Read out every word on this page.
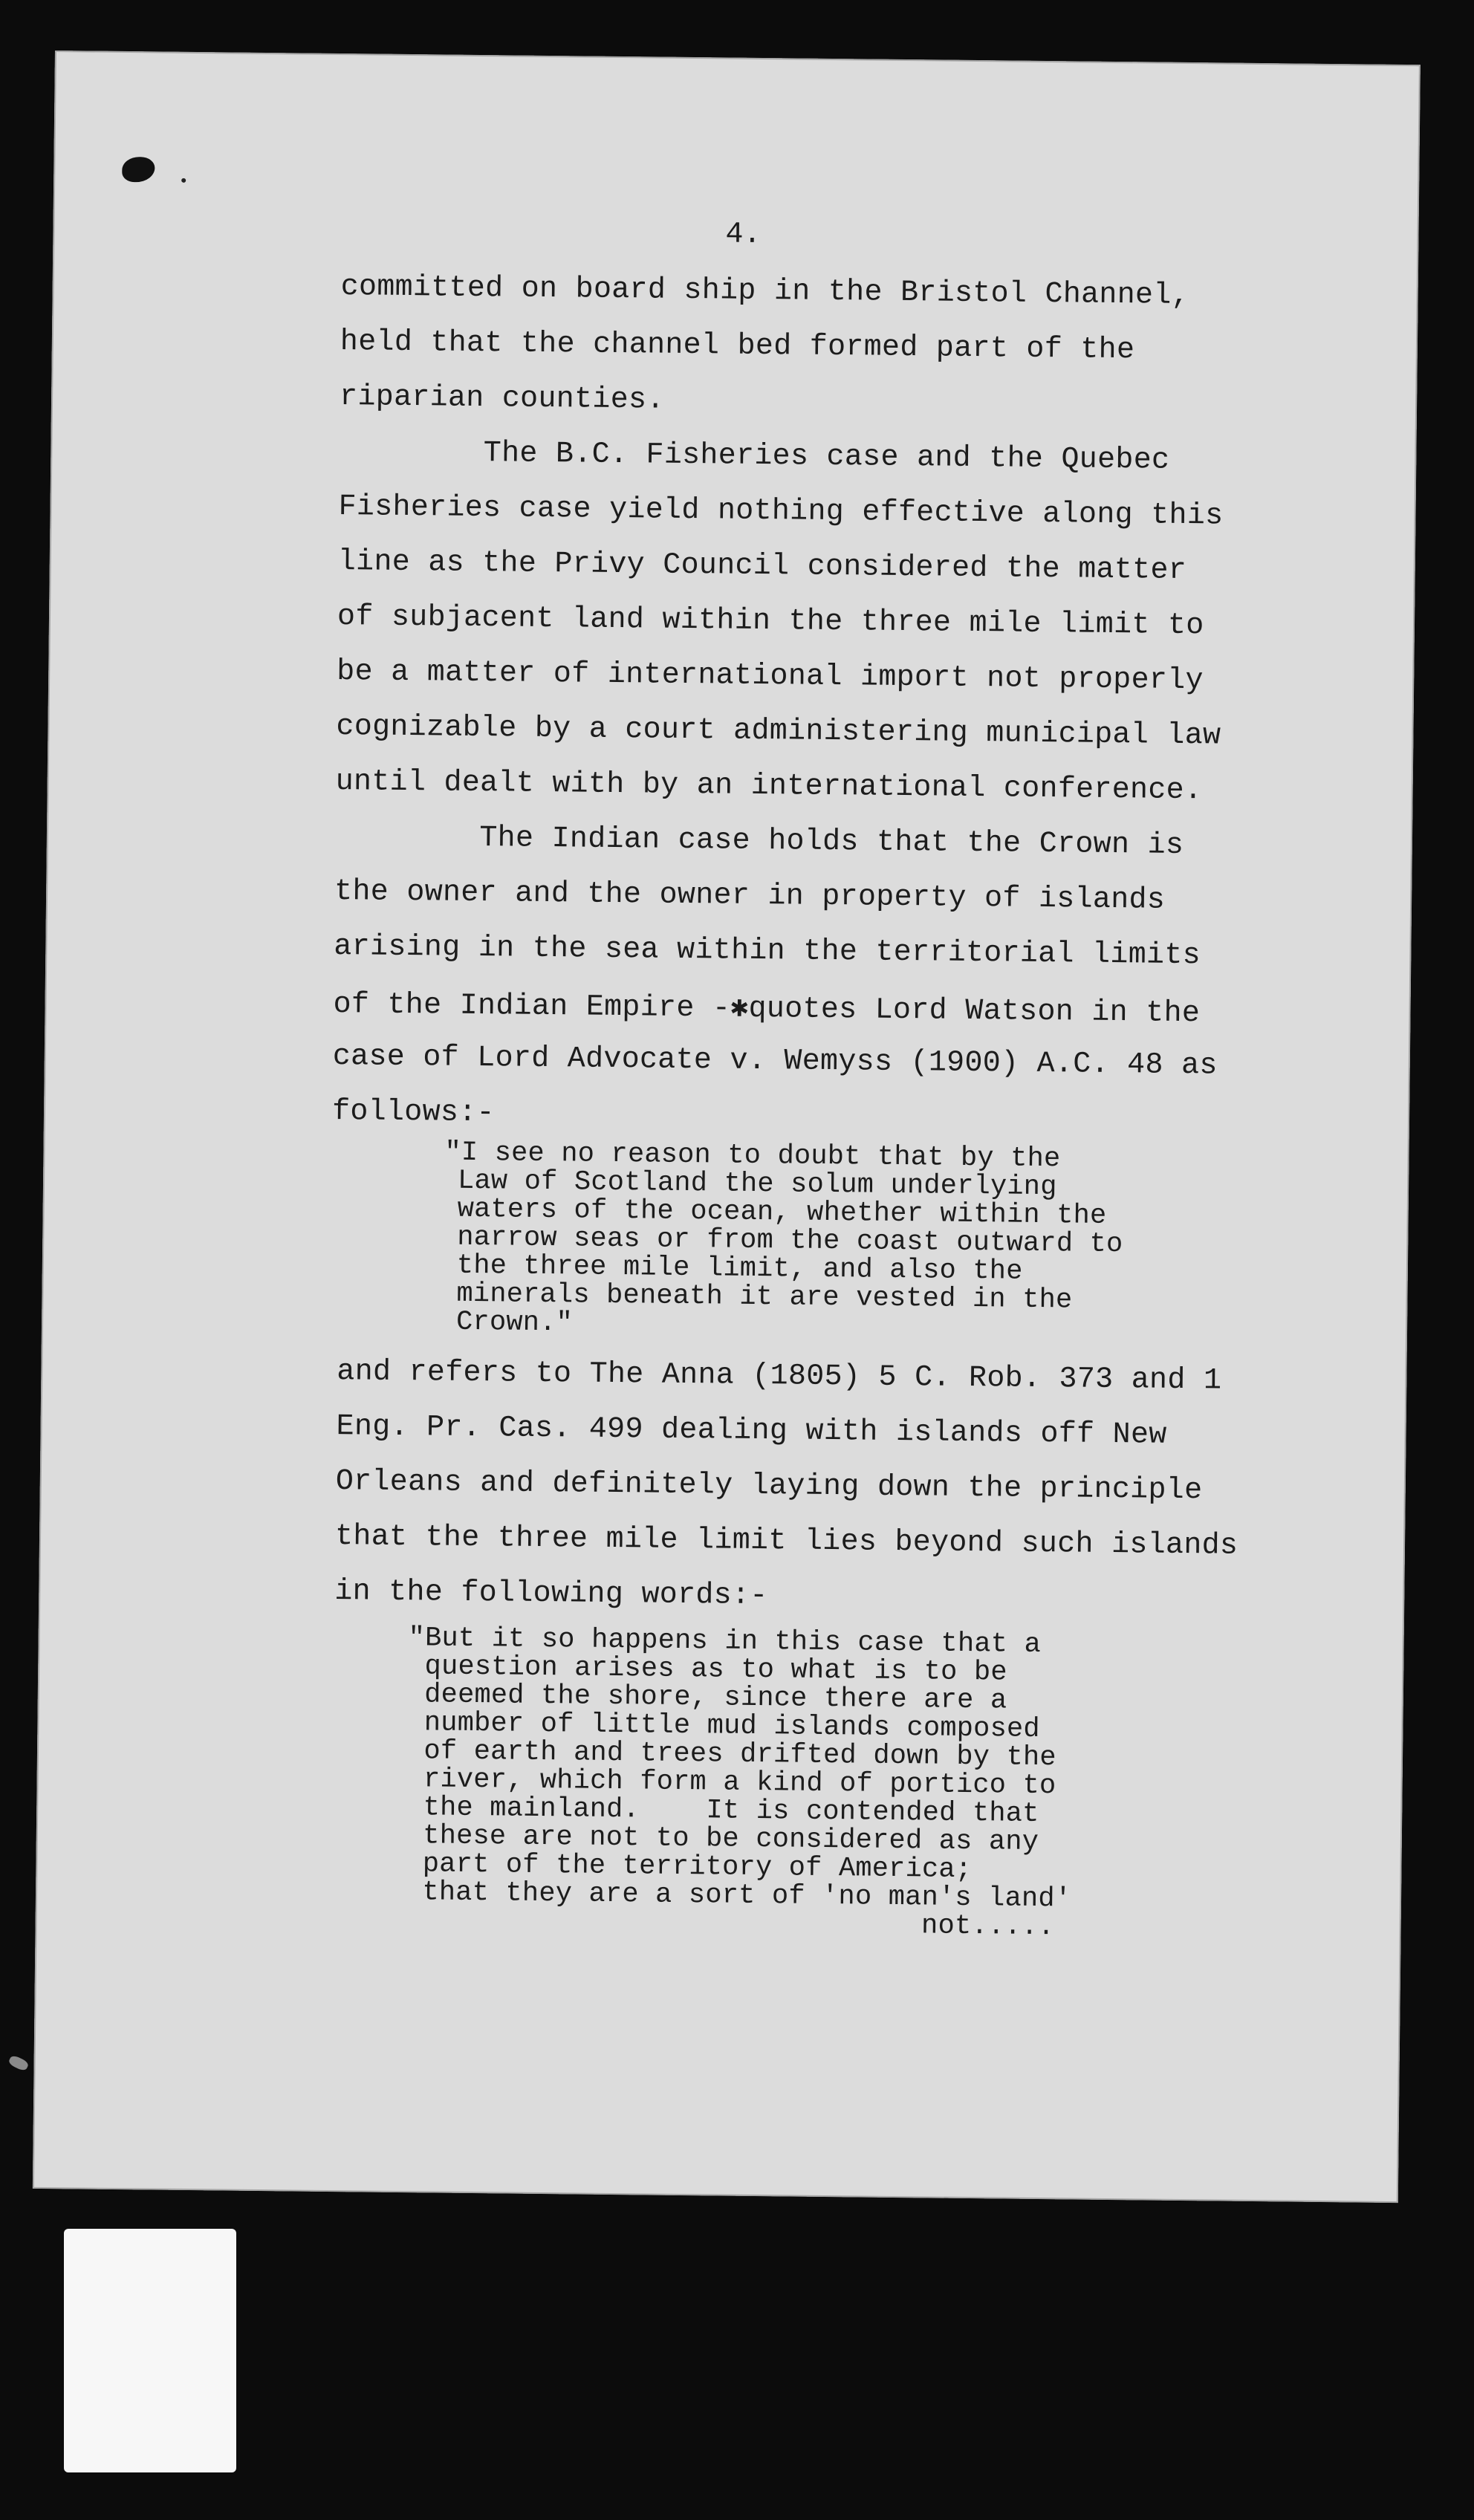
4.
committed on board ship in the Bristol Channel,
held that the channel bed formed part of the
riparian counties.
The B.C. Fisheries case and the Quebec
Fisheries case yield nothing effective along this
line as the Privy Council considered the matter
of subjacent land within the three mile limit to
be a matter of international import not properly
cognizable by a court administering municipal law
until dealt with by an international conference.
The Indian case holds that the Crown is
the owner and the owner in property of islands
arising in the sea within the territorial limits
of the Indian Empire -✱quotes Lord Watson in the
case of Lord Advocate v. Wemyss (1900) A.C. 48 as
follows:-
"I see no reason to doubt that by the
Law of Scotland the solum underlying
waters of the ocean, whether within the
narrow seas or from the coast outward to
the three mile limit, and also the
minerals beneath it are vested in the
Crown."
and refers to The Anna (1805) 5 C. Rob. 373 and 1
Eng. Pr. Cas. 499 dealing with islands off New
Orleans and definitely laying down the principle
that the three mile limit lies beyond such islands
in the following words:-
"But it so happens in this case that a
question arises as to what is to be
deemed the shore, since there are a
number of little mud islands composed
of earth and trees drifted down by the
river, which form a kind of portico to
the mainland.    It is contended that
these are not to be considered as any
part of the territory of America;
that they are a sort of 'no man's land'
not.....
